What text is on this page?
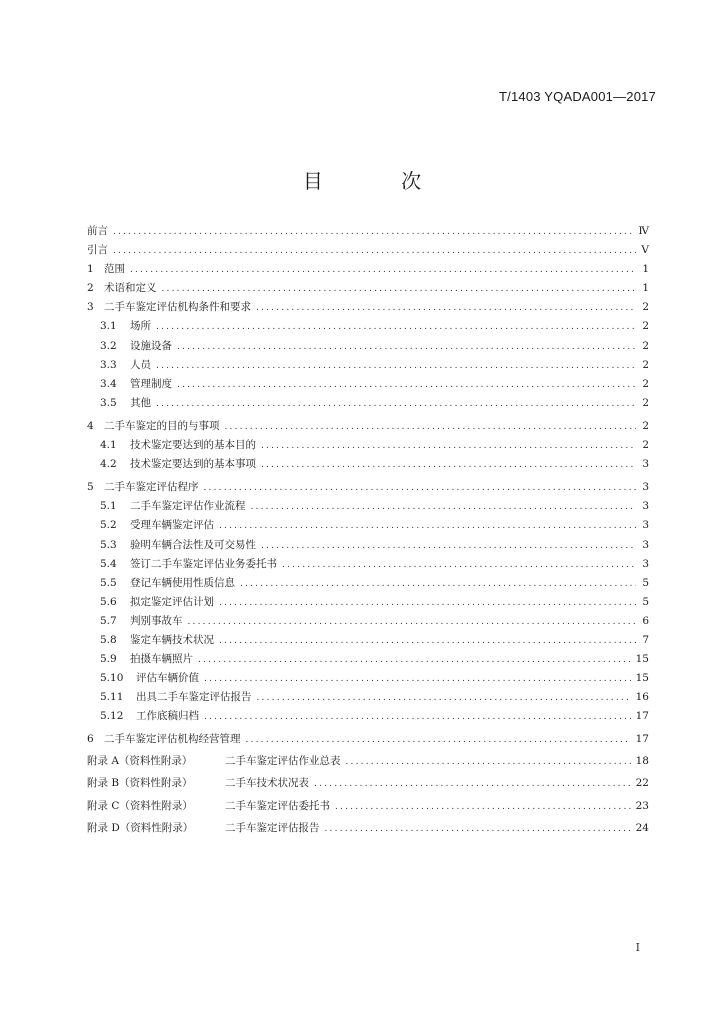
T/1403 YQADA001—2017
目 次
前言 .....	Ⅳ
引言 .....	Ⅴ
1 范围 .....	1
2 术语和定义 .....	1
3 二手车鉴定评估机构条件和要求 .....	2
3.1	场所 .....	2
3.2	设施设备 .....	2
3.3	人员 .....	2
3.4	管理制度 .....	2
3.5	其他 .....	2
4 二手车鉴定的目的与事项 .....	2
4.1	技术鉴定要达到的基本目的 .....	2
4.2	技术鉴定要达到的基本事项 .....	3
5 二手车鉴定评估程序 .....	3
5.1	二手车鉴定评估作业流程 .....	3
5.2	受理车辆鉴定评估 .....	3
5.3	验明车辆合法性及可交易性 .....	3
5.4	签订二手车鉴定评估业务委托书 .....	3
5.5	登记车辆使用性质信息 .....	5
5.6	拟定鉴定评估计划 .....	5
5.7	判别事故车 .....	6
5.8	鉴定车辆技术状况 .....	7
5.9	拍摄车辆照片 .....	15
5.10	评估车辆价值 .....	15
5.11	出具二手车鉴定评估报告 .....	16
5.12	工作底稿归档 .....	17
6 二手车鉴定评估机构经营管理 .....	17
附录 A（资料性附录）	二手车鉴定评估作业总表 .....	18
附录 B（资料性附录）	二手车技术状况表 .....	22
附录 C（资料性附录）	二手车鉴定评估委托书 .....	23
附录 D（资料性附录）	二手车鉴定评估报告 .....	24
Ⅰ
